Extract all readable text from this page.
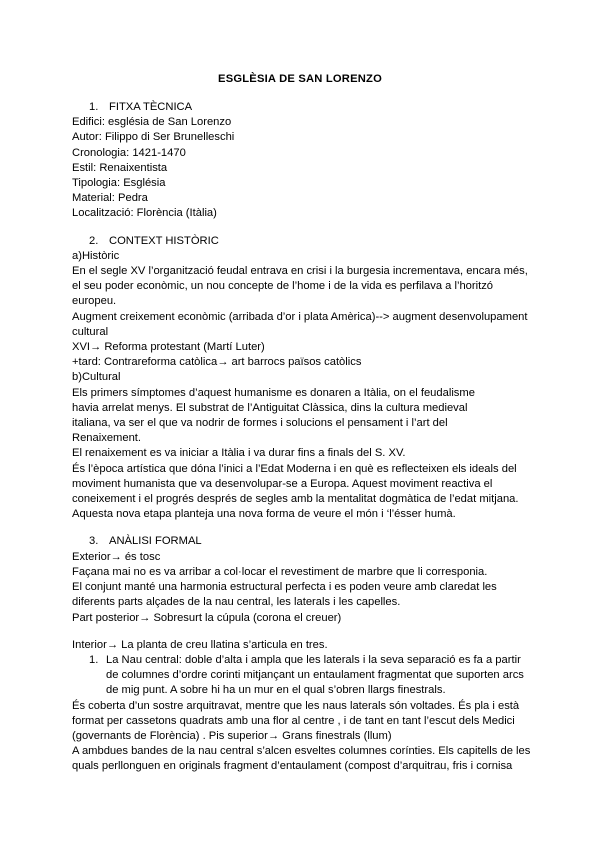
ESGLÈSIA DE SAN LORENZO
1. FITXA TÈCNICA
Edifici: església de San Lorenzo
Autor: Filippo di Ser Brunelleschi
Cronologia: 1421-1470
Estil: Renaixentista
Tipologia: Església
Material: Pedra
Localització: Florència (Itàlia)
2. CONTEXT HISTÒRIC
a)Històric
En el segle XV l’organització feudal entrava en crisi i la burgesia incrementava, encara més, el seu poder econòmic, un nou concepte de l’home i de la vida es perfilava a l’horitzó europeu.
Augment creixement econòmic (arribada d’or i plata Amèrica)--> augment desenvolupament cultural
XVI→ Reforma protestant (Martí Luter)
+tard: Contrareforma catòlica→ art barrocs països catòlics
b)Cultural
Els primers símptomes d’aquest humanisme es donaren a Itàlia, on el feudalisme
havia arrelat menys. El substrat de l’Antiguitat Clàssica, dins la cultura medieval
italiana, va ser el que va nodrir de formes i solucions el pensament i l’art del
Renaixement.
El renaixement es va iniciar a Itàlia i va durar fins a finals del S. XV.
És l’època artística que dóna l’inici a l’Edat Moderna i en què es reflecteixen els ideals del moviment humanista que va desenvolupar-se a Europa. Aquest moviment reactiva el coneixement i el progrés després de segles amb la mentalitat dogmàtica de l’edat mitjana. Aquesta nova etapa planteja una nova forma de veure el món i ‘l’ésser humà.
3. ANÀLISI FORMAL
Exterior→ és tosc
Façana mai no es va arribar a col·locar el revestiment de marbre que li corresponia.
El conjunt manté una harmonia estructural perfecta i es poden veure amb claredat les diferents parts alçades de la nau central, les laterals i les capelles.
Part posterior→ Sobresurt la cúpula (corona el creuer)
Interior→ La planta de creu llatina s’articula en tres.
1. La Nau central: doble d’alta i ampla que les laterals i la seva separació es fa a partir de columnes d’ordre corinti mitjançant un entaulament fragmentat que suporten arcs de mig punt. A sobre hi ha un mur en el qual s’obren llargs finestrals.
És coberta d’un sostre arquitravat, mentre que les naus laterals són voltades. És pla i està format per cassetons quadrats amb una flor al centre , i de tant en tant l’escut dels Medici (governants de Florència) . Pis superior→ Grans finestrals (llum)
A ambdues bandes de la nau central s’alcen esveltes columnes corínties. Els capitells de les quals perllonguen en originals fragment d’entaulament (compost d’arquitrau, fris i cornisa
